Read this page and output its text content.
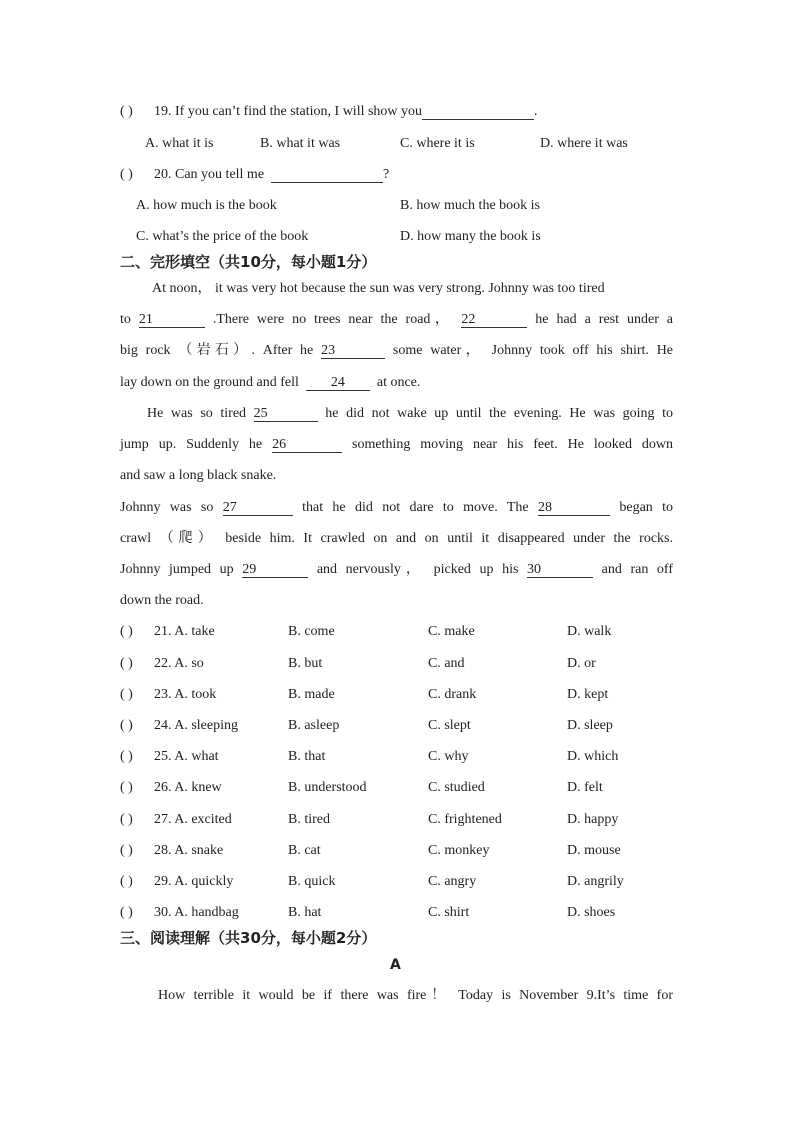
( ) 19. If you can’t find the station, I will show you	.
A. what it is	B. what it was	C. where it is	D. where it was
( ) 20. Can you tell me	?
A. how much is the book	B. how much the book is
C. what’s the price of the book	D. how many the book is
二、完形填空（共10分，每小题1分）
At noon， it was very hot because the sun was very strong. Johnny was too tired
to 21	.There were no trees near the road， 22	he had a rest under a
big rock （岩石）. After he 23	some water， Johnny took off his shirt. He
lay down on the ground and fell 24 at once.
He was so tired 25	he did not wake up until the evening. He was going to
jump up. Suddenly he 26	something moving near his feet. He looked down
and saw a long black snake.
Johnny was so 27	that he did not dare to move. The 28	began to
crawl （爬） beside him. It crawled on and on until it disappeared under the rocks.
Johnny jumped up 29	and nervously， picked up his 30	and ran off
down the road.
( ) 21. A. take	B. come	C. make	D. walk
( ) 22. A. so	B. but	C. and	D. or
( ) 23. A. took	B. made	C. drank	D. kept
( ) 24. A. sleeping	B. asleep	C. slept	D. sleep
( ) 25. A. what	B. that	C. why	D. which
( ) 26. A. knew	B. understood	C. studied	D. felt
( ) 27. A. excited	B. tired	C. frightened	D. happy
( ) 28. A. snake	B. cat	C. monkey	D. mouse
( ) 29. A. quickly	B. quick	C. angry	D. angrily
( ) 30. A. handbag	B. hat	C. shirt	D. shoes
三、阅读理解（共30分，每小题2分）
A
How terrible it would be if there was fire！ Today is November 9.It’s time for
